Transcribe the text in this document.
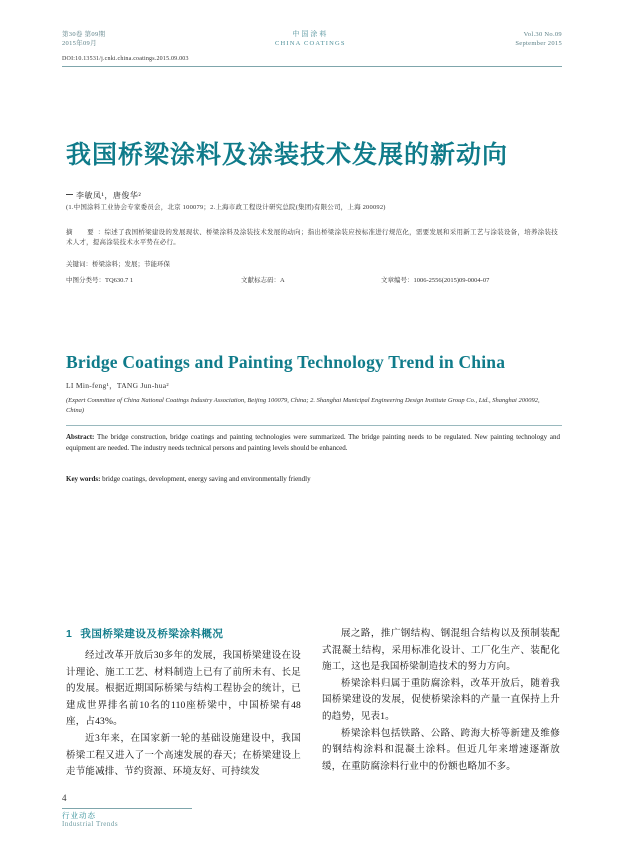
第30卷 第09期
2015年09月
中国涂料
CHINA COATINGS
Vol.30 No.09
September 2015
DOI:10.13531/j.cnki.china.coatings.2015.09.003
我国桥梁涂料及涂装技术发展的新动向
李敏凤¹，唐俊华²
(1.中国涂料工业协会专家委员会，北京 100079；2.上海市政工程设计研究总院(集团)有限公司，上海 200092)
摘　要：综述了我国桥梁建设的发展现状、桥梁涂料及涂装技术发展的动向；指出桥梁涂装应按标准进行规范化，需要发展和采用新工艺与涂装设备，培养涂装技术人才，提高涂装技术水平势在必行。
关键词：桥梁涂料；发展；节能环保
中图分类号：TQ630.7 1	文献标志码：A	文章编号：1006-2556(2015)09-0004-07
Bridge Coatings and Painting Technology Trend in China
LI Min-feng¹，TANG Jun-hua²
(Expert Committee of China National Coatings Industry Association, Beijing 100079, China; 2. Shanghai Municipal Engineering Design Institute Group Co., Ltd., Shanghai 200092, China)
Abstract: The bridge construction, bridge coatings and painting technologies were summarized. The bridge painting needs to be regulated. New painting technology and equipment are needed. The industry needs technical persons and painting levels should be enhanced.
Key words: bridge coatings, development, energy saving and environmentally friendly
1 我国桥梁建设及桥梁涂料概况

经过改革开放后30多年的发展，我国桥梁建设在设计理论、施工工艺、材料制造上已有了前所未有、长足的发展。根据近期国际桥梁与结构工程协会的统计，已建成世界排名前10名的110座桥梁中，中国桥梁有48座，占43%。

近3年来，在国家新一轮的基础设施建设中，我国桥梁工程又进入了一个高速发展的春天；在桥梁建设上走节能减排、节约资源、环境友好、可持续发

展之路，推广钢结构、钢混组合结构以及预制装配式混凝土结构，采用标准化设计、工厂化生产、装配化施工，这也是我国桥梁制造技术的努力方向。

桥梁涂料归属于重防腐涂料，改革开放后，随着我国桥梁建设的发展，促使桥梁涂料的产量一直保持上升的趋势，见表1。

桥梁涂料包括铁路、公路、跨海大桥等新建及维修的钢结构涂料和混凝土涂料。但近几年来增速逐渐放缓，在重防腐涂料行业中的份额也略加不多。

4
行业动态
Industrial Trends
